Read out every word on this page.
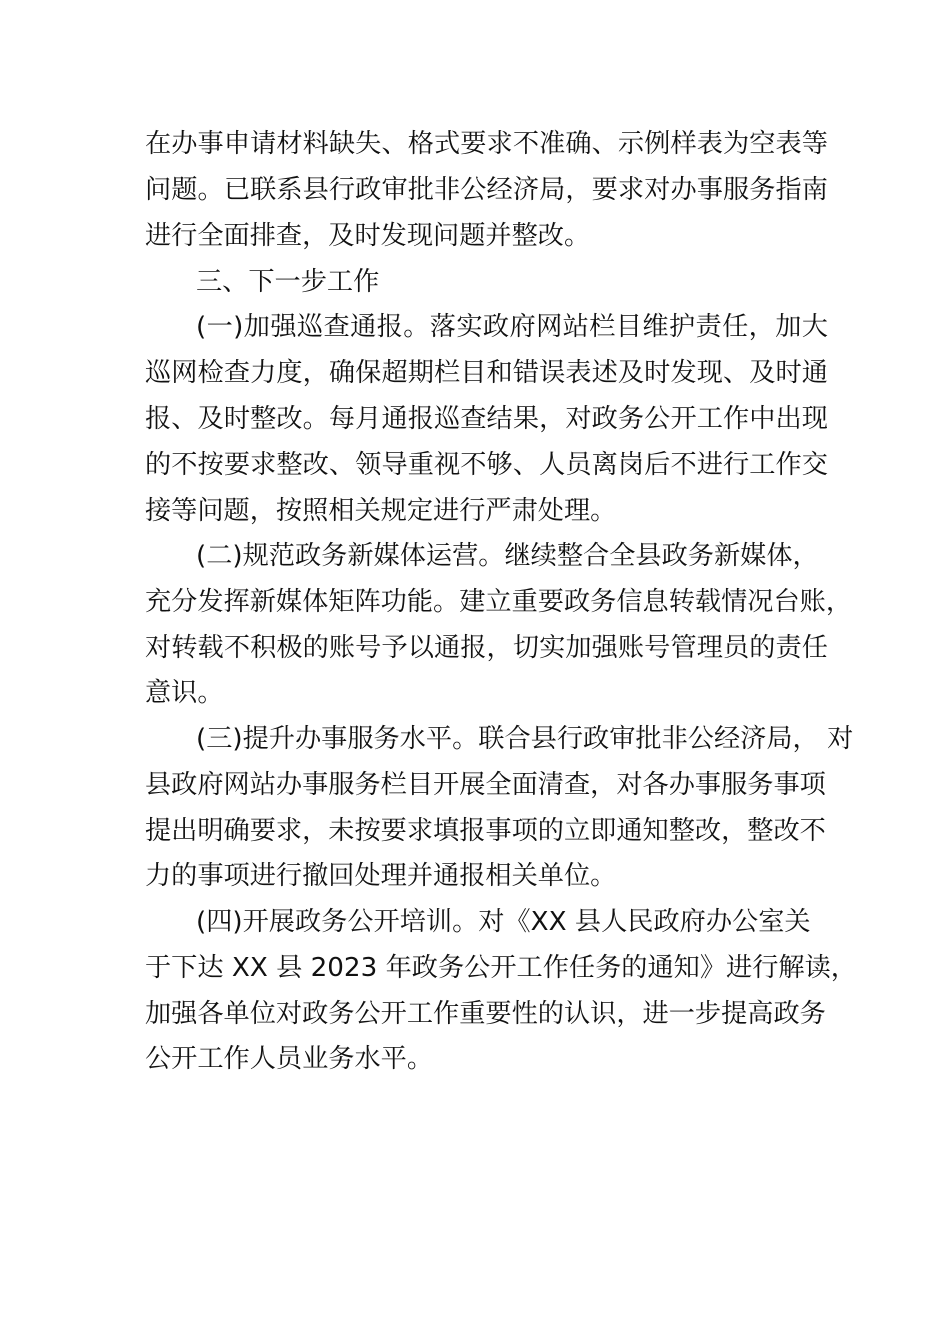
在办事申请材料缺失、格式要求不准确、示例样表为空表等
问题。已联系县行政审批非公经济局，要求对办事服务指南
进行全面排查，及时发现问题并整改。
三、下一步工作
(一)加强巡查通报。落实政府网站栏目维护责任，加大
巡网检查力度，确保超期栏目和错误表述及时发现、及时通
报、及时整改。每月通报巡查结果，对政务公开工作中出现
的不按要求整改、领导重视不够、人员离岗后不进行工作交
接等问题，按照相关规定进行严肃处理。
(二)规范政务新媒体运营。继续整合全县政务新媒体，
充分发挥新媒体矩阵功能。建立重要政务信息转载情况台账，
对转载不积极的账号予以通报，切实加强账号管理员的责任
意识。
(三)提升办事服务水平。联合县行政审批非公经济局， 对
县政府网站办事服务栏目开展全面清查，对各办事服务事项
提出明确要求，未按要求填报事项的立即通知整改，整改不
力的事项进行撤回处理并通报相关单位。
(四)开展政务公开培训。对《XX 县人民政府办公室关
于下达 XX 县 2023 年政务公开工作任务的通知》进行解读，
加强各单位对政务公开工作重要性的认识，进一步提高政务
公开工作人员业务水平。
